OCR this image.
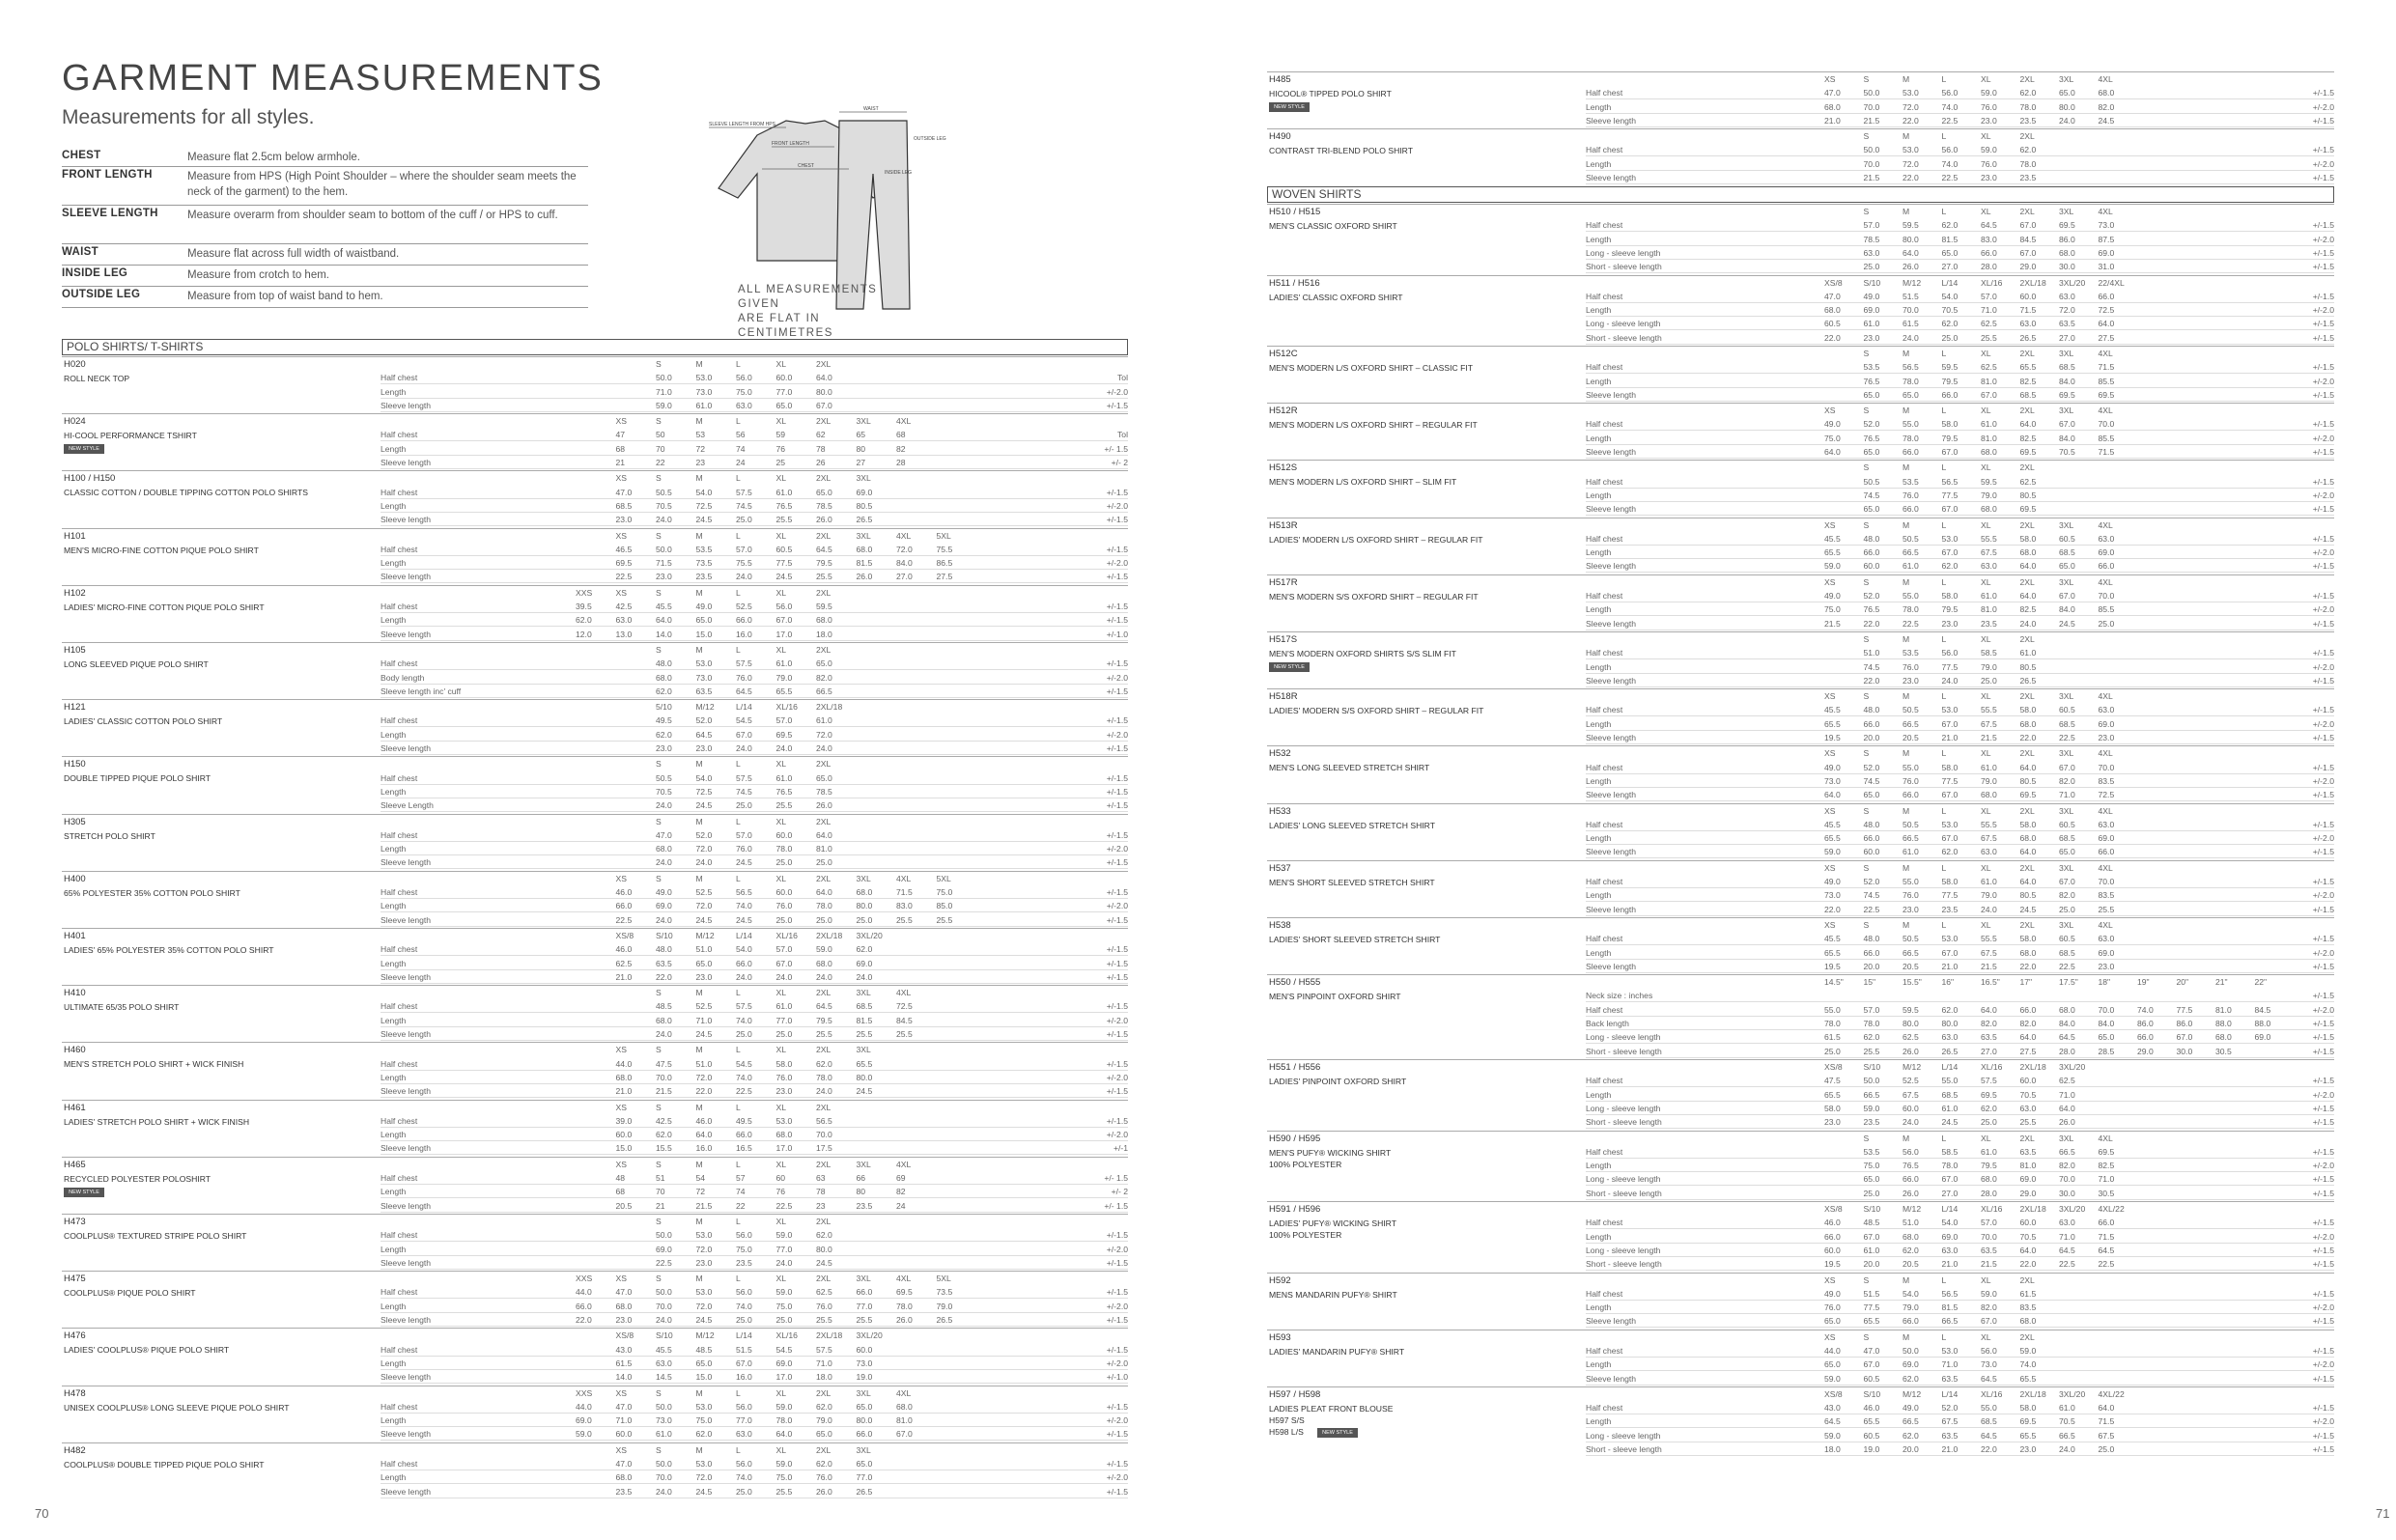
GARMENT MEASUREMENTS
Measurements for all styles.
CHEST	Measure flat 2.5cm below armhole.
FRONT LENGTH	Measure from HPS (High Point Shoulder – where the shoulder seam meets the neck of the garment) to the hem.
SLEEVE LENGTH	Measure overarm from shoulder seam to bottom of the cuff / or HPS to cuff.
WAIST	Measure flat across full width of waistband.
INSIDE LEG	Measure from crotch to hem.
OUTSIDE LEG	Measure from top of waist band to hem.
SLEEVE LENGTH FROM HPS
FRONT LENGTH
CHEST
WAIST
OUTSIDE LEG
INSIDE LEG
ALL MEASUREMENTS GIVEN
ARE FLAT IN CENTIMETRES
POLO SHIRTS/ T-SHIRTS
H020
ROLL NECK TOP
S	M	L	XL	2XL
Half chest	50.0	53.0	56.0	60.0	64.0	Tol
Length	71.0	73.0	75.0	77.0	80.0	+/-2.0
Sleeve length	59.0	61.0	63.0	65.0	67.0	+/-1.5
H024
HI-COOL PERFORMANCE TSHIRT
NEW STYLE
XS	S	M	L	XL	2XL	3XL	4XL
Half chest	47	50	53	56	59	62	65	68	Tol
Length	68	70	72	74	76	78	80	82	+/- 1.5
Sleeve length	21	22	23	24	25	26	27	28	+/- 2
H100 / H150
CLASSIC COTTON / DOUBLE TIPPING COTTON POLO SHIRTS
XS	S	M	L	XL	2XL	3XL
Half chest	47.0	50.5	54.0	57.5	61.0	65.0	69.0	+/-1.5
Length	68.5	70.5	72.5	74.5	76.5	78.5	80.5	+/-2.0
Sleeve length	23.0	24.0	24.5	25.0	25.5	26.0	26.5	+/-1.5
H101
MEN'S MICRO-FINE COTTON PIQUE POLO SHIRT
XS	S	M	L	XL	2XL	3XL	4XL	5XL
Half chest	46.5	50.0	53.5	57.0	60.5	64.5	68.0	72.0	75.5	+/-1.5
Length	69.5	71.5	73.5	75.5	77.5	79.5	81.5	84.0	86.5	+/-2.0
Sleeve length	22.5	23.0	23.5	24.0	24.5	25.5	26.0	27.0	27.5	+/-1.5
H102
LADIES' MICRO-FINE COTTON PIQUE POLO SHIRT
XXS	XS	S	M	L	XL	2XL
Half chest	39.5	42.5	45.5	49.0	52.5	56.0	59.5	+/-1.5
Length	62.0	63.0	64.0	65.0	66.0	67.0	68.0	+/-1.5
Sleeve length	12.0	13.0	14.0	15.0	16.0	17.0	18.0	+/-1.0
H105
LONG SLEEVED PIQUE POLO SHIRT
S	M	L	XL	2XL
Half chest	48.0	53.0	57.5	61.0	65.0	+/-1.5
Body length	68.0	73.0	76.0	79.0	82.0	+/-2.0
Sleeve length inc' cuff	62.0	63.5	64.5	65.5	66.5	+/-1.5
H121
LADIES' CLASSIC COTTON POLO SHIRT
5/10	M/12	L/14	XL/16	2XL/18
Half chest	49.5	52.0	54.5	57.0	61.0	+/-1.5
Length	62.0	64.5	67.0	69.5	72.0	+/-2.0
Sleeve length	23.0	23.0	24.0	24.0	24.0	+/-1.5
H150
DOUBLE TIPPED PIQUE POLO SHIRT
S	M	L	XL	2XL
Half chest	50.5	54.0	57.5	61.0	65.0	+/-1.5
Length	70.5	72.5	74.5	76.5	78.5	+/-1.5
Sleeve Length	24.0	24.5	25.0	25.5	26.0	+/-1.5
H305
STRETCH POLO SHIRT
S	M	L	XL	2XL
Half chest	47.0	52.0	57.0	60.0	64.0	+/-1.5
Length	68.0	72.0	76.0	78.0	81.0	+/-2.0
Sleeve length	24.0	24.0	24.5	25.0	25.0	+/-1.5
H400
65% POLYESTER 35% COTTON POLO SHIRT
XS	S	M	L	XL	2XL	3XL	4XL	5XL
Half chest	46.0	49.0	52.5	56.5	60.0	64.0	68.0	71.5	75.0	+/-1.5
Length	66.0	69.0	72.0	74.0	76.0	78.0	80.0	83.0	85.0	+/-2.0
Sleeve length	22.5	24.0	24.5	24.5	25.0	25.0	25.0	25.5	25.5	+/-1.5
H401
LADIES' 65% POLYESTER 35% COTTON POLO SHIRT
XS/8	S/10	M/12	L/14	XL/16	2XL/18	3XL/20
Half chest	46.0	48.0	51.0	54.0	57.0	59.0	62.0	+/-1.5
Length	62.5	63.5	65.0	66.0	67.0	68.0	69.0	+/-1.5
Sleeve length	21.0	22.0	23.0	24.0	24.0	24.0	24.0	+/-1.5
H410
ULTIMATE 65/35 POLO SHIRT
S	M	L	XL	2XL	3XL	4XL
Half chest	48.5	52.5	57.5	61.0	64.5	68.5	72.5	+/-1.5
Length	68.0	71.0	74.0	77.0	79.5	81.5	84.5	+/-2.0
Sleeve length	24.0	24.5	25.0	25.0	25.5	25.5	25.5	+/-1.5
H460
MEN'S STRETCH POLO SHIRT + WICK FINISH
XS	S	M	L	XL	2XL	3XL
Half chest	44.0	47.5	51.0	54.5	58.0	62.0	65.5	+/-1.5
Length	68.0	70.0	72.0	74.0	76.0	78.0	80.0	+/-2.0
Sleeve length	21.0	21.5	22.0	22.5	23.0	24.0	24.5	+/-1.5
H461
LADIES' STRETCH POLO SHIRT + WICK FINISH
XS	S	M	L	XL	2XL
Half chest	39.0	42.5	46.0	49.5	53.0	56.5	+/-1.5
Length	60.0	62.0	64.0	66.0	68.0	70.0	+/-2.0
Sleeve length	15.0	15.5	16.0	16.5	17.0	17.5	+/-1
H465
RECYCLED POLYESTER POLOSHIRT
NEW STYLE
XS	S	M	L	XL	2XL	3XL	4XL
Half chest	48	51	54	57	60	63	66	69	+/- 1.5
Length	68	70	72	74	76	78	80	82	+/- 2
Sleeve length	20.5	21	21.5	22	22.5	23	23.5	24	+/- 1.5
H473
COOLPLUS® TEXTURED STRIPE POLO SHIRT
S	M	L	XL	2XL
Half chest	50.0	53.0	56.0	59.0	62.0	+/-1.5
Length	69.0	72.0	75.0	77.0	80.0	+/-2.0
Sleeve length	22.5	23.0	23.5	24.0	24.5	+/-1.5
H475
COOLPLUS® PIQUE POLO SHIRT
XXS	XS	S	M	L	XL	2XL	3XL	4XL	5XL
Half chest	44.0	47.0	50.0	53.0	56.0	59.0	62.5	66.0	69.5	73.5	+/-1.5
Length	66.0	68.0	70.0	72.0	74.0	75.0	76.0	77.0	78.0	79.0	+/-2.0
Sleeve length	22.0	23.0	24.0	24.5	25.0	25.0	25.5	25.5	26.0	26.5	+/-1.5
H476
LADIES' COOLPLUS® PIQUE POLO SHIRT
XS/8	S/10	M/12	L/14	XL/16	2XL/18	3XL/20
Half chest	43.0	45.5	48.5	51.5	54.5	57.5	60.0	+/-1.5
Length	61.5	63.0	65.0	67.0	69.0	71.0	73.0	+/-2.0
Sleeve length	14.0	14.5	15.0	16.0	17.0	18.0	19.0	+/-1.0
H478
UNISEX COOLPLUS® LONG SLEEVE PIQUE POLO SHIRT
XXS	XS	S	M	L	XL	2XL	3XL	4XL
Half chest	44.0	47.0	50.0	53.0	56.0	59.0	62.0	65.0	68.0	+/-1.5
Length	69.0	71.0	73.0	75.0	77.0	78.0	79.0	80.0	81.0	+/-2.0
Sleeve length	59.0	60.0	61.0	62.0	63.0	64.0	65.0	66.0	67.0	+/-1.5
H482
COOLPLUS® DOUBLE TIPPED PIQUE POLO SHIRT
XS	S	M	L	XL	2XL	3XL
Half chest	47.0	50.0	53.0	56.0	59.0	62.0	65.0	+/-1.5
Length	68.0	70.0	72.0	74.0	75.0	76.0	77.0	+/-2.0
Sleeve length	23.5	24.0	24.5	25.0	25.5	26.0	26.5	+/-1.5
70
H485
HICOOL® TIPPED POLO SHIRT
NEW STYLE
XS	S	M	L	XL	2XL	3XL	4XL
Half chest	47.0	50.0	53.0	56.0	59.0	62.0	65.0	68.0	+/-1.5
Length	68.0	70.0	72.0	74.0	76.0	78.0	80.0	82.0	+/-2.0
Sleeve length	21.0	21.5	22.0	22.5	23.0	23.5	24.0	24.5	+/-1.5
H490
CONTRAST TRI-BLEND POLO SHIRT
S	M	L	XL	2XL
Half chest	50.0	53.0	56.0	59.0	62.0	+/-1.5
Length	70.0	72.0	74.0	76.0	78.0	+/-2.0
Sleeve length	21.5	22.0	22.5	23.0	23.5	+/-1.5
WOVEN SHIRTS
H510 / H515
MEN'S CLASSIC OXFORD SHIRT
S	M	L	XL	2XL	3XL	4XL
Half chest	57.0	59.5	62.0	64.5	67.0	69.5	73.0	+/-1.5
Length	78.5	80.0	81.5	83.0	84.5	86.0	87.5	+/-2.0
Long - sleeve length	63.0	64.0	65.0	66.0	67.0	68.0	69.0	+/-1.5
Short - sleeve length	25.0	26.0	27.0	28.0	29.0	30.0	31.0	+/-1.5
H511 / H516
LADIES' CLASSIC OXFORD SHIRT
XS/8	S/10	M/12	L/14	XL/16	2XL/18	3XL/20	22/4XL
Half chest	47.0	49.0	51.5	54.0	57.0	60.0	63.0	66.0	+/-1.5
Length	68.0	69.0	70.0	70.5	71.0	71.5	72.0	72.5	+/-2.0
Long - sleeve length	60.5	61.0	61.5	62.0	62.5	63.0	63.5	64.0	+/-1.5
Short - sleeve length	22.0	23.0	24.0	25.0	25.5	26.5	27.0	27.5	+/-1.5
H512C
MEN'S MODERN L/S OXFORD SHIRT – CLASSIC FIT
S	M	L	XL	2XL	3XL	4XL
Half chest	53.5	56.5	59.5	62.5	65.5	68.5	71.5	+/-1.5
Length	76.5	78.0	79.5	81.0	82.5	84.0	85.5	+/-2.0
Sleeve length	65.0	65.0	66.0	67.0	68.5	69.5	69.5	+/-1.5
H512R
MEN'S MODERN L/S OXFORD SHIRT – REGULAR FIT
XS	S	M	L	XL	2XL	3XL	4XL
Half chest	49.0	52.0	55.0	58.0	61.0	64.0	67.0	70.0	+/-1.5
Length	75.0	76.5	78.0	79.5	81.0	82.5	84.0	85.5	+/-2.0
Sleeve length	64.0	65.0	66.0	67.0	68.0	69.5	70.5	71.5	+/-1.5
H512S
MEN'S MODERN L/S OXFORD SHIRT – SLIM FIT
S	M	L	XL	2XL
Half chest	50.5	53.5	56.5	59.5	62.5	+/-1.5
Length	74.5	76.0	77.5	79.0	80.5	+/-2.0
Sleeve length	65.0	66.0	67.0	68.0	69.5	+/-1.5
H513R
LADIES' MODERN L/S OXFORD SHIRT – REGULAR FIT
XS	S	M	L	XL	2XL	3XL	4XL
Half chest	45.5	48.0	50.5	53.0	55.5	58.0	60.5	63.0	+/-1.5
Length	65.5	66.0	66.5	67.0	67.5	68.0	68.5	69.0	+/-2.0
Sleeve length	59.0	60.0	61.0	62.0	63.0	64.0	65.0	66.0	+/-1.5
H517R
MEN'S MODERN S/S OXFORD SHIRT – REGULAR FIT
XS	S	M	L	XL	2XL	3XL	4XL
Half chest	49.0	52.0	55.0	58.0	61.0	64.0	67.0	70.0	+/-1.5
Length	75.0	76.5	78.0	79.5	81.0	82.5	84.0	85.5	+/-2.0
Sleeve length	21.5	22.0	22.5	23.0	23.5	24.0	24.5	25.0	+/-1.5
H517S
MEN'S MODERN OXFORD SHIRTS S/S SLIM FIT
NEW STYLE
S	M	L	XL	2XL
Half chest	51.0	53.5	56.0	58.5	61.0	+/-1.5
Length	74.5	76.0	77.5	79.0	80.5	+/-2.0
Sleeve length	22.0	23.0	24.0	25.0	26.5	+/-1.5
H518R
LADIES' MODERN S/S OXFORD SHIRT – REGULAR FIT
XS	S	M	L	XL	2XL	3XL	4XL
Half chest	45.5	48.0	50.5	53.0	55.5	58.0	60.5	63.0	+/-1.5
Length	65.5	66.0	66.5	67.0	67.5	68.0	68.5	69.0	+/-2.0
Sleeve length	19.5	20.0	20.5	21.0	21.5	22.0	22.5	23.0	+/-1.5
H532
MEN'S LONG SLEEVED STRETCH SHIRT
XS	S	M	L	XL	2XL	3XL	4XL
Half chest	49.0	52.0	55.0	58.0	61.0	64.0	67.0	70.0	+/-1.5
Length	73.0	74.5	76.0	77.5	79.0	80.5	82.0	83.5	+/-2.0
Sleeve length	64.0	65.0	66.0	67.0	68.0	69.5	71.0	72.5	+/-1.5
H533
LADIES' LONG SLEEVED STRETCH SHIRT
XS	S	M	L	XL	2XL	3XL	4XL
Half chest	45.5	48.0	50.5	53.0	55.5	58.0	60.5	63.0	+/-1.5
Length	65.5	66.0	66.5	67.0	67.5	68.0	68.5	69.0	+/-2.0
Sleeve length	59.0	60.0	61.0	62.0	63.0	64.0	65.0	66.0	+/-1.5
H537
MEN'S SHORT SLEEVED STRETCH SHIRT
XS	S	M	L	XL	2XL	3XL	4XL
Half chest	49.0	52.0	55.0	58.0	61.0	64.0	67.0	70.0	+/-1.5
Length	73.0	74.5	76.0	77.5	79.0	80.5	82.0	83.5	+/-2.0
Sleeve length	22.0	22.5	23.0	23.5	24.0	24.5	25.0	25.5	+/-1.5
H538
LADIES' SHORT SLEEVED STRETCH SHIRT
XS	S	M	L	XL	2XL	3XL	4XL
Half chest	45.5	48.0	50.5	53.0	55.5	58.0	60.5	63.0	+/-1.5
Length	65.5	66.0	66.5	67.0	67.5	68.0	68.5	69.0	+/-2.0
Sleeve length	19.5	20.0	20.5	21.0	21.5	22.0	22.5	23.0	+/-1.5
H550 / H555
MEN'S PINPOINT OXFORD SHIRT
14.5"	15"	15.5"	16"	16.5"	17"	17.5"	18"	19"	20"	21"	22"
Neck size : inches	+/-1.5
Half chest	55.0	57.0	59.5	62.0	64.0	66.0	68.0	70.0	74.0	77.5	81.0	84.5	+/-2.0
Back length	78.0	78.0	80.0	80.0	82.0	82.0	84.0	84.0	86.0	86.0	88.0	88.0	+/-1.5
Long - sleeve length	61.5	62.0	62.5	63.0	63.5	64.0	64.5	65.0	66.0	67.0	68.0	69.0	+/-1.5
Short - sleeve length	25.0	25.5	26.0	26.5	27.0	27.5	28.0	28.5	29.0	30.0	30.5	+/-1.5
H551 / H556
LADIES' PINPOINT OXFORD SHIRT
XS/8	S/10	M/12	L/14	XL/16	2XL/18	3XL/20
Half chest	47.5	50.0	52.5	55.0	57.5	60.0	62.5	+/-1.5
Length	65.5	66.5	67.5	68.5	69.5	70.5	71.0	+/-2.0
Long - sleeve length	58.0	59.0	60.0	61.0	62.0	63.0	64.0	+/-1.5
Short - sleeve length	23.0	23.5	24.0	24.5	25.0	25.5	26.0	+/-1.5
H590 / H595
MEN'S PUFY® WICKING SHIRT
100% POLYESTER
S	M	L	XL	2XL	3XL	4XL
Half chest	53.5	56.0	58.5	61.0	63.5	66.5	69.5	+/-1.5
Length	75.0	76.5	78.0	79.5	81.0	82.0	82.5	+/-2.0
Long - sleeve length	65.0	66.0	67.0	68.0	69.0	70.0	71.0	+/-1.5
Short - sleeve length	25.0	26.0	27.0	28.0	29.0	30.0	30.5	+/-1.5
H591 / H596
LADIES' PUFY® WICKING SHIRT
100% POLYESTER
XS/8	S/10	M/12	L/14	XL/16	2XL/18	3XL/20	4XL/22
Half chest	46.0	48.5	51.0	54.0	57.0	60.0	63.0	66.0	+/-1.5
Length	66.0	67.0	68.0	69.0	70.0	70.5	71.0	71.5	+/-2.0
Long - sleeve length	60.0	61.0	62.0	63.0	63.5	64.0	64.5	64.5	+/-1.5
Short - sleeve length	19.5	20.0	20.5	21.0	21.5	22.0	22.5	22.5	+/-1.5
H592
MENS MANDARIN PUFY® SHIRT
XS	S	M	L	XL	2XL
Half chest	49.0	51.5	54.0	56.5	59.0	61.5	+/-1.5
Length	76.0	77.5	79.0	81.5	82.0	83.5	+/-2.0
Sleeve length	65.0	65.5	66.0	66.5	67.0	68.0	+/-1.5
H593
LADIES' MANDARIN PUFY® SHIRT
XS	S	M	L	XL	2XL
Half chest	44.0	47.0	50.0	53.0	56.0	59.0	+/-1.5
Length	65.0	67.0	69.0	71.0	73.0	74.0	+/-2.0
Sleeve length	59.0	60.5	62.0	63.5	64.5	65.5	+/-1.5
H597 / H598
LADIES PLEAT FRONT BLOUSE
H597 S/S
H598 L/S	NEW STYLE
XS/8	S/10	M/12	L/14	XL/16	2XL/18	3XL/20	4XL/22
Half chest	43.0	46.0	49.0	52.0	55.0	58.0	61.0	64.0	+/-1.5
Length	64.5	65.5	66.5	67.5	68.5	69.5	70.5	71.5	+/-2.0
Long - sleeve length	59.0	60.5	62.0	63.5	64.5	65.5	66.5	67.5	+/-1.5
Short - sleeve length	18.0	19.0	20.0	21.0	22.0	23.0	24.0	25.0	+/-1.5
71
